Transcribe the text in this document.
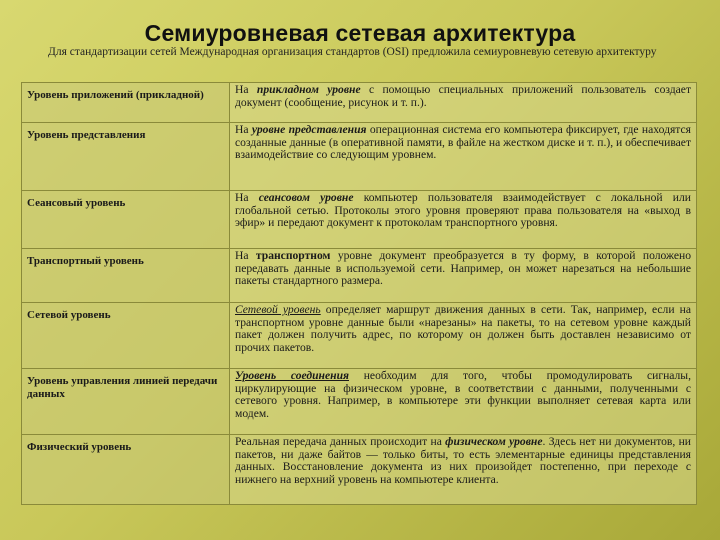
Семиуровневая сетевая архитектура
Для стандартизации сетей Международная организация стандартов (OSI) предложила семиуровневую сетевую архитектуру
Уровень приложений (прикладной)	На прикладном уровне с помощью специальных приложений пользователь создает документ (сообщение, рисунок и т. п.).
Уровень представления	На уровне представления операционная система его компьютера фиксирует, где находятся созданные данные (в оперативной памяти, в файле на жестком диске и т. п.), и обеспечивает взаимодействие со следующим уровнем.
Сеансовый уровень	На сеансовом уровне компьютер пользователя взаимодействует с локальной или глобальной сетью. Протоколы этого уровня проверяют права пользователя на «выход в эфир» и передают документ к протоколам транспортного уровня.
Транспортный уровень	На транспортном уровне документ преобразуется в ту форму, в которой положено передавать данные в используемой сети. Например, он может нарезаться на небольшие пакеты стандартного размера.
Сетевой уровень	Сетевой уровень определяет маршрут движения данных в сети. Так, например, если на транспортном уровне данные были «нарезаны» на пакеты, то на сетевом уровне каждый пакет должен получить адрес, по которому он должен быть доставлен независимо от прочих пакетов.
Уровень управления линией передачи данных	Уровень соединения необходим для того, чтобы промодулировать сигналы, циркулирующие на физическом уровне, в соответствии с данными, полученными с сетевого уровня. Например, в компьютере эти функции выполняет сетевая карта или модем.
Физический уровень	Реальная передача данных происходит на физическом уровне. Здесь нет ни документов, ни пакетов, ни даже байтов — только биты, то есть элементарные единицы представления данных. Восстановление документа из них произойдет постепенно, при переходе с нижнего на верхний уровень на компьютере клиента.
